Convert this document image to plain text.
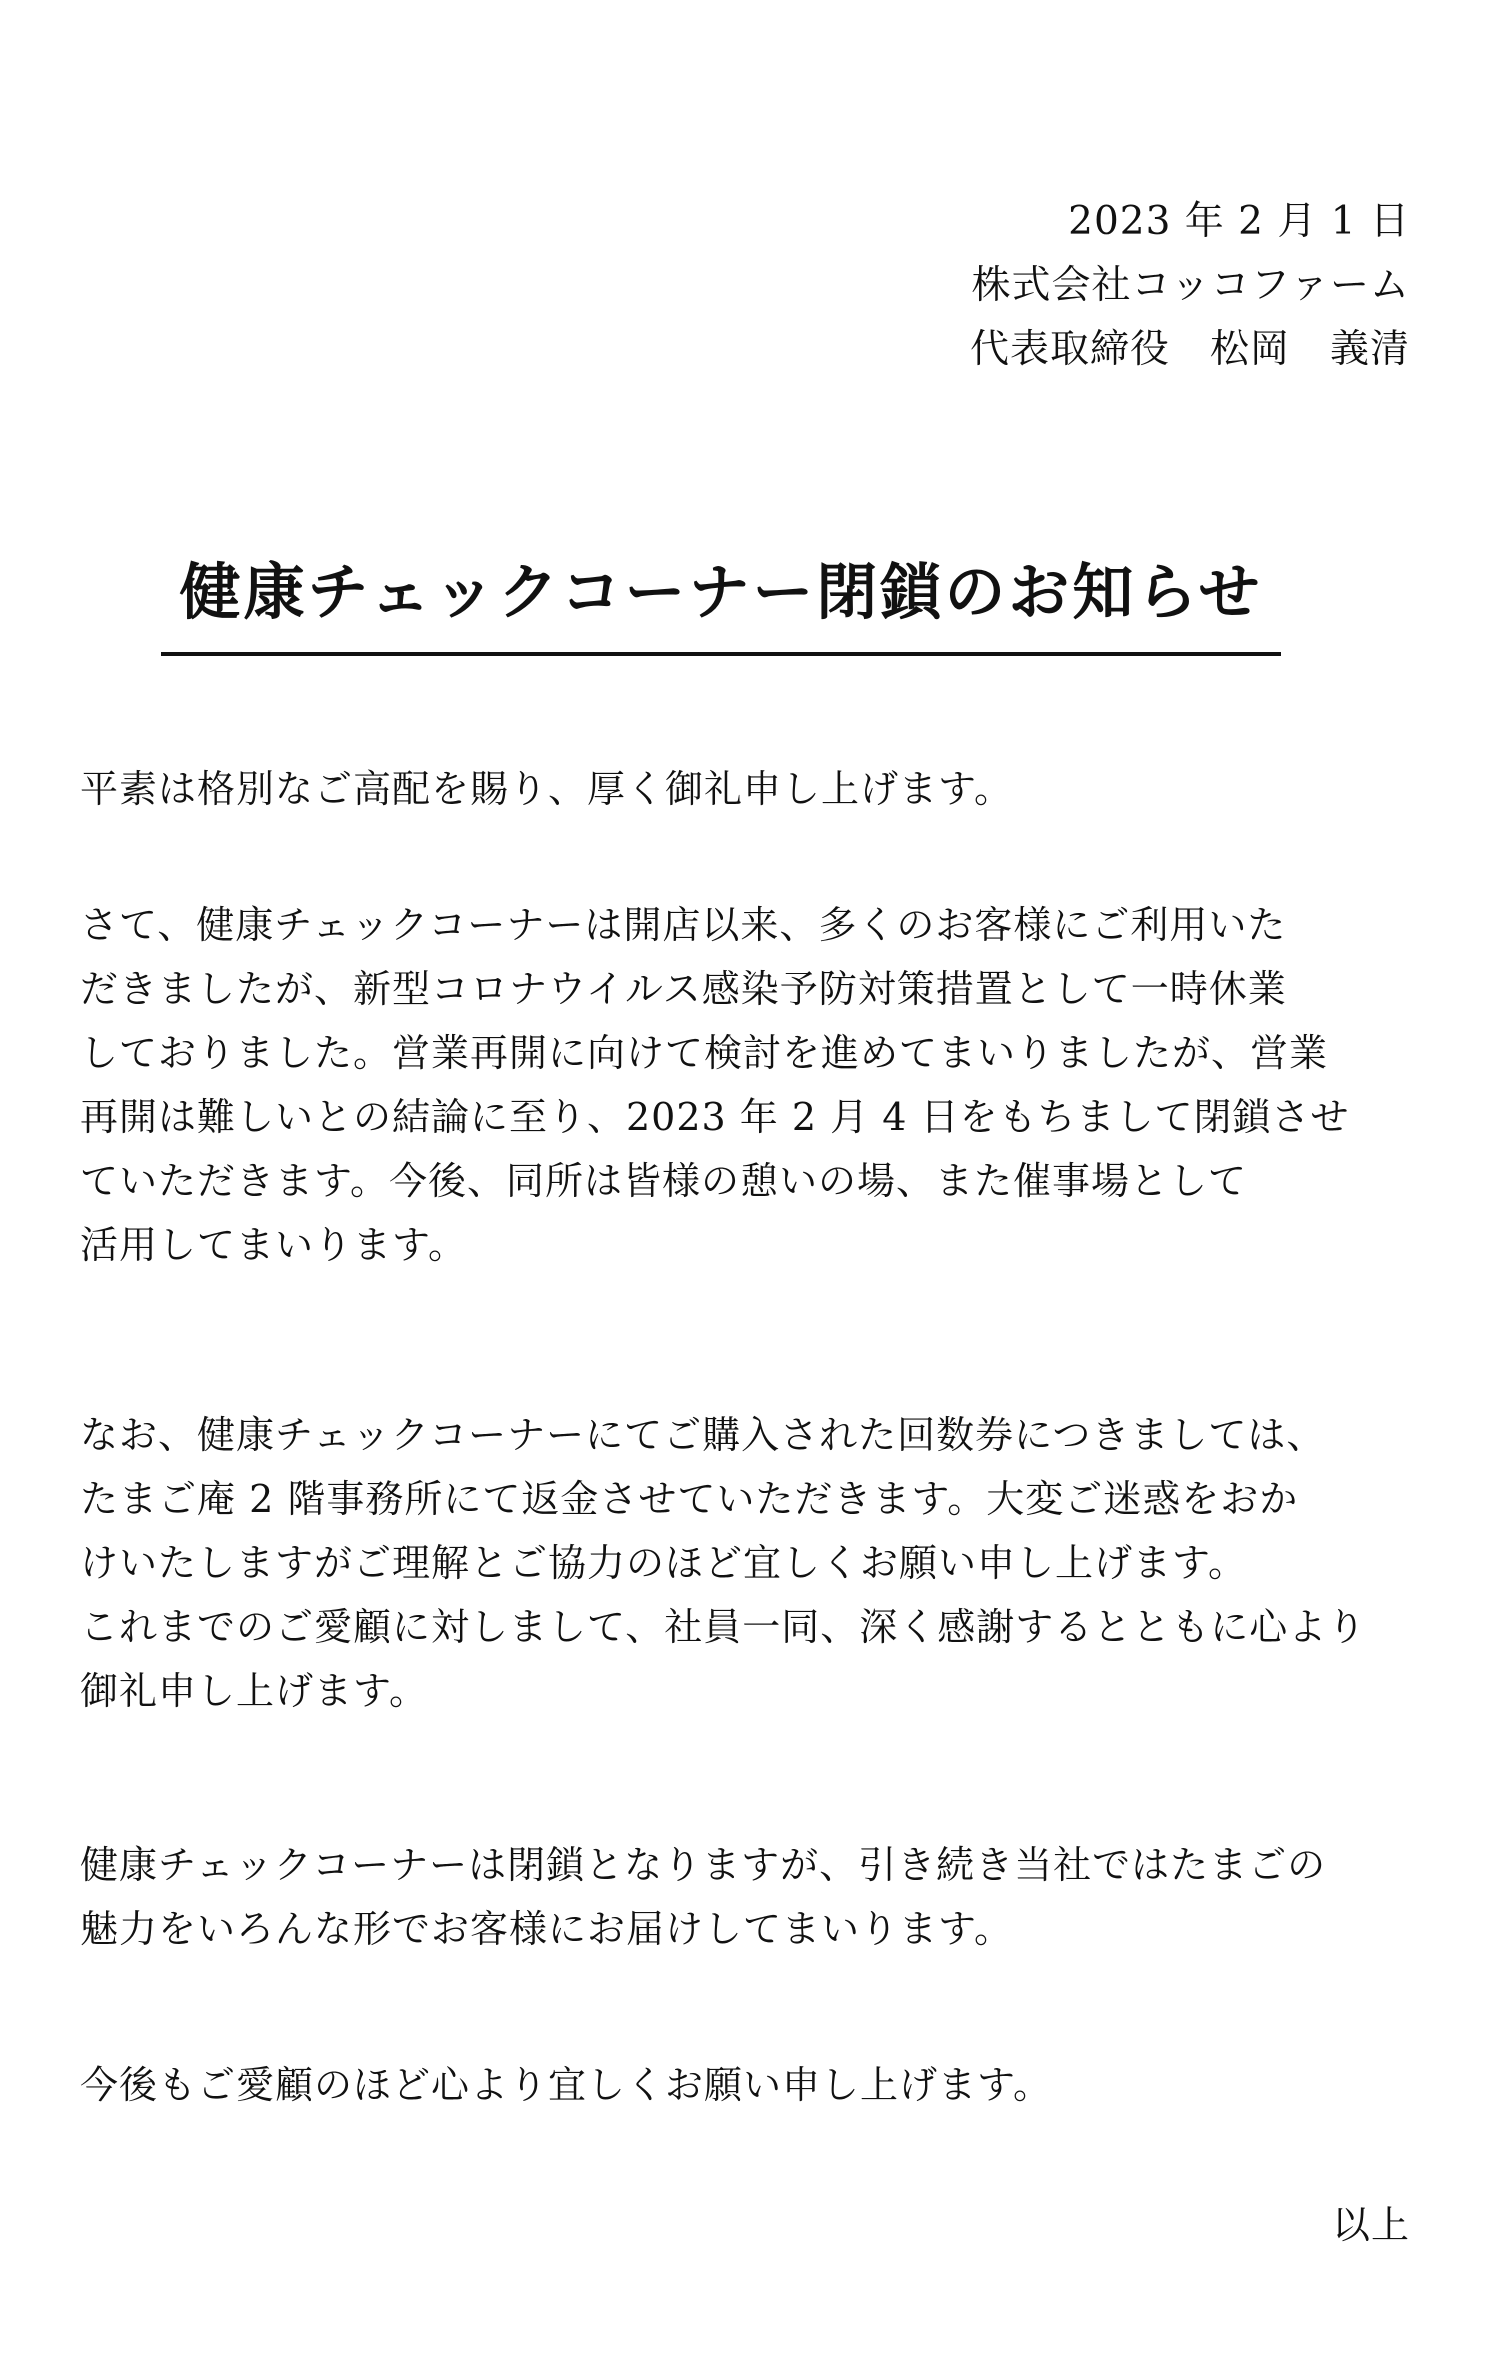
2023 年 2 月 1 日
株式会社コッコファーム
代表取締役　松岡　義清
健康チェックコーナー閉鎖のお知らせ

平素は格別なご高配を賜り、厚く御礼申し上げます。

さて、健康チェックコーナーは開店以来、多くのお客様にご利用いた
だきましたが、新型コロナウイルス感染予防対策措置として一時休業
しておりました。営業再開に向けて検討を進めてまいりましたが、営業
再開は難しいとの結論に至り、2023 年 2 月 4 日をもちまして閉鎖させ
ていただきます。今後、同所は皆様の憩いの場、また催事場として
活用してまいります。

なお、健康チェックコーナーにてご購入された回数券につきましては、
たまご庵 2 階事務所にて返金させていただきます。大変ご迷惑をおか
けいたしますがご理解とご協力のほど宜しくお願い申し上げます。
これまでのご愛顧に対しまして、社員一同、深く感謝するとともに心より
御礼申し上げます。

健康チェックコーナーは閉鎖となりますが、引き続き当社ではたまごの
魅力をいろんな形でお客様にお届けしてまいります。

今後もご愛顧のほど心より宜しくお願い申し上げます。

以上
